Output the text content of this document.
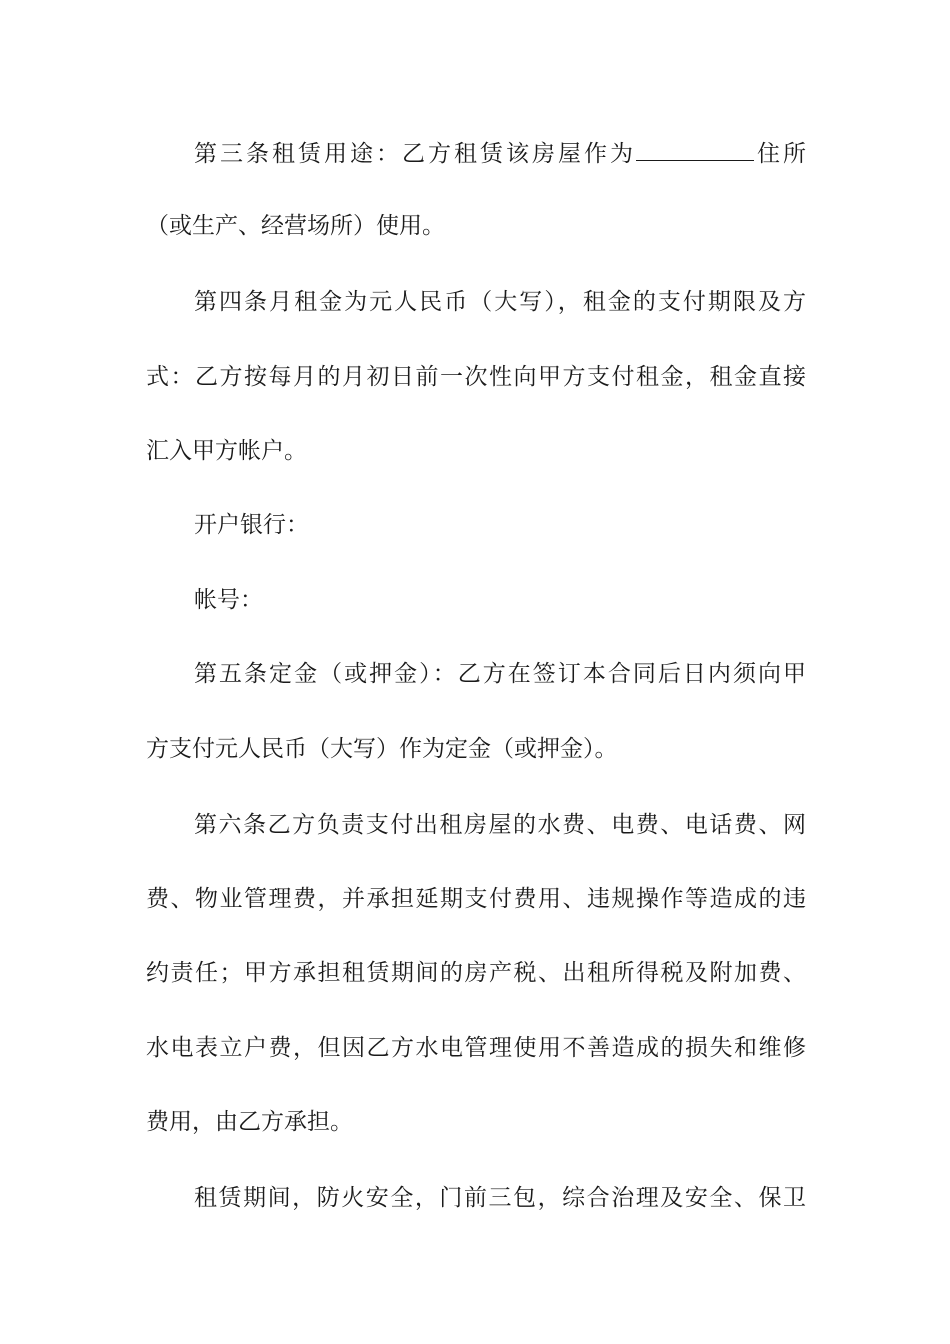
第三条租赁用途：乙方租赁该房屋作为	住所
（或生产、经营场所）使用。
第四条月租金为元人民币（大写），租金的支付期限及方
式：乙方按每月的月初日前一次性向甲方支付租金，租金直接
汇入甲方帐户。
开户银行：
帐号：
第五条定金（或押金）：乙方在签订本合同后日内须向甲
方支付元人民币（大写）作为定金（或押金）。
第六条乙方负责支付出租房屋的水费、电费、电话费、网
费、物业管理费，并承担延期支付费用、违规操作等造成的违
约责任；甲方承担租赁期间的房产税、出租所得税及附加费、
水电表立户费，但因乙方水电管理使用不善造成的损失和维修
费用，由乙方承担。
租赁期间，防火安全，门前三包，综合治理及安全、保卫
